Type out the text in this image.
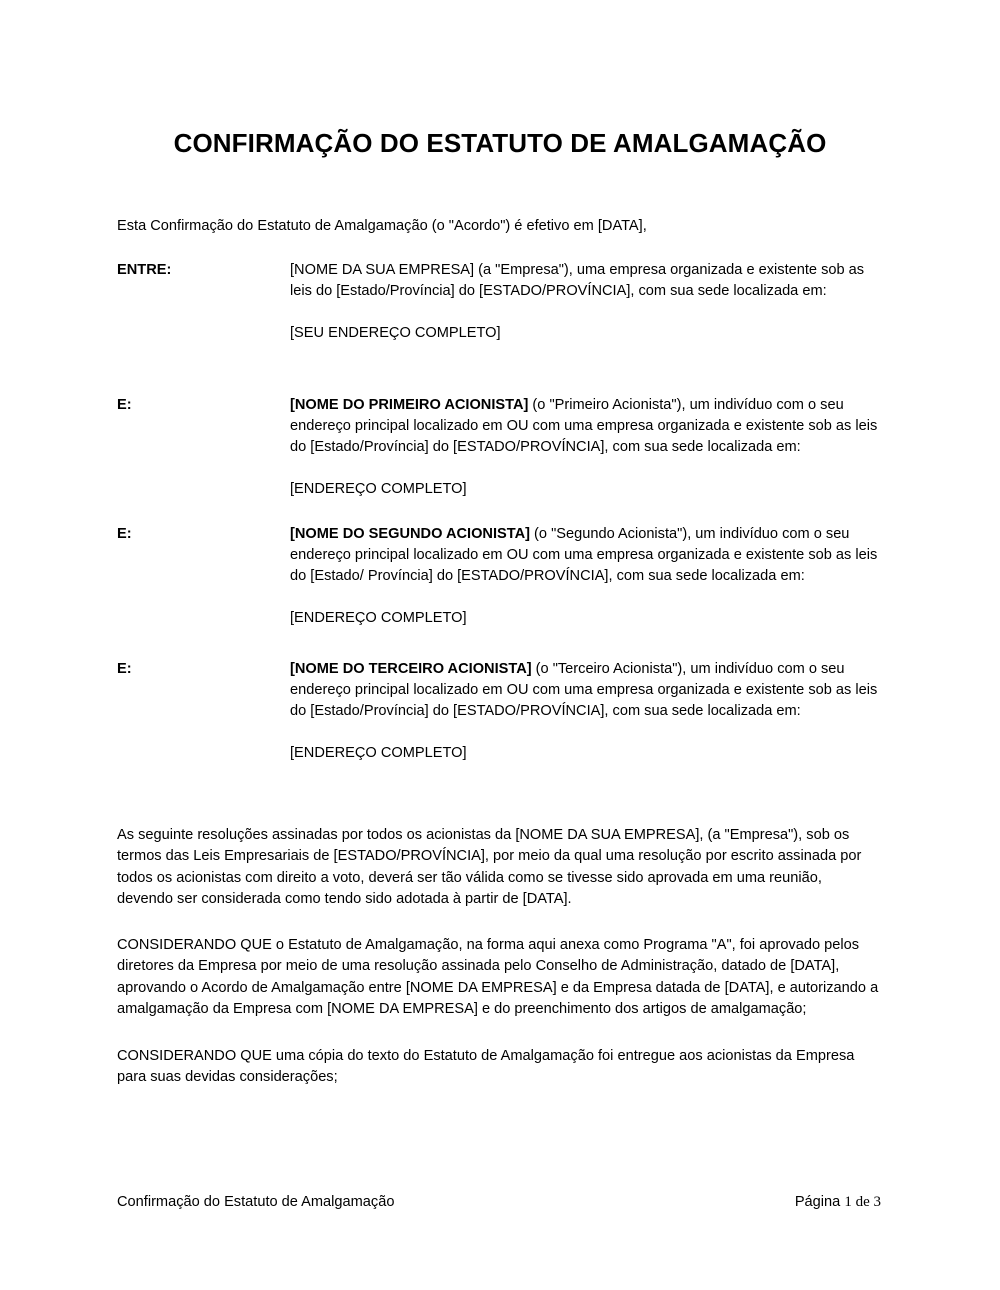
CONFIRMAÇÃO DO ESTATUTO DE AMALGAMAÇÃO

Esta Confirmação do Estatuto de Amalgamação (o "Acordo") é efetivo em [DATA],

ENTRE:	[NOME DA SUA EMPRESA] (a "Empresa"), uma empresa organizada e existente sob as leis do [Estado/Província] do [ESTADO/PROVÍNCIA], com sua sede localizada em:
[SEU ENDEREÇO COMPLETO]
E:	[NOME DO PRIMEIRO ACIONISTA] (o "Primeiro Acionista"), um indivíduo com o seu endereço principal localizado em OU com uma empresa organizada e existente sob as leis do [Estado/Província] do [ESTADO/PROVÍNCIA], com sua sede localizada em:
[ENDEREÇO COMPLETO]
E:	[NOME DO SEGUNDO ACIONISTA] (o "Segundo Acionista"), um indivíduo com o seu endereço principal localizado em OU com uma empresa organizada e existente sob as leis do [Estado/ Província] do [ESTADO/PROVÍNCIA], com sua sede localizada em:
[ENDEREÇO COMPLETO]
E:	[NOME DO TERCEIRO ACIONISTA] (o "Terceiro Acionista"), um indivíduo com o seu endereço principal localizado em OU com uma empresa organizada e existente sob as leis do [Estado/Província] do [ESTADO/PROVÍNCIA], com sua sede localizada em:
[ENDEREÇO COMPLETO]

As seguinte resoluções assinadas por todos os acionistas da [NOME DA SUA EMPRESA], (a "Empresa"), sob os termos das Leis Empresariais de [ESTADO/PROVÍNCIA], por meio da qual uma resolução por escrito assinada por todos os acionistas com direito a voto, deverá ser tão válida como se tivesse sido aprovada em uma reunião, devendo ser considerada como tendo sido adotada à partir de [DATA].

CONSIDERANDO QUE o Estatuto de Amalgamação, na forma aqui anexa como Programa "A", foi aprovado pelos diretores da Empresa por meio de uma resolução assinada pelo Conselho de Administração, datado de [DATA], aprovando o Acordo de Amalgamação entre [NOME DA EMPRESA] e da Empresa datada de [DATA], e autorizando a amalgamação da Empresa com [NOME DA EMPRESA] e do preenchimento dos artigos de amalgamação;

CONSIDERANDO QUE uma cópia do texto do Estatuto de Amalgamação foi entregue aos acionistas da Empresa para suas devidas considerações;

Confirmação do Estatuto de Amalgamação	Página 1 de 3
